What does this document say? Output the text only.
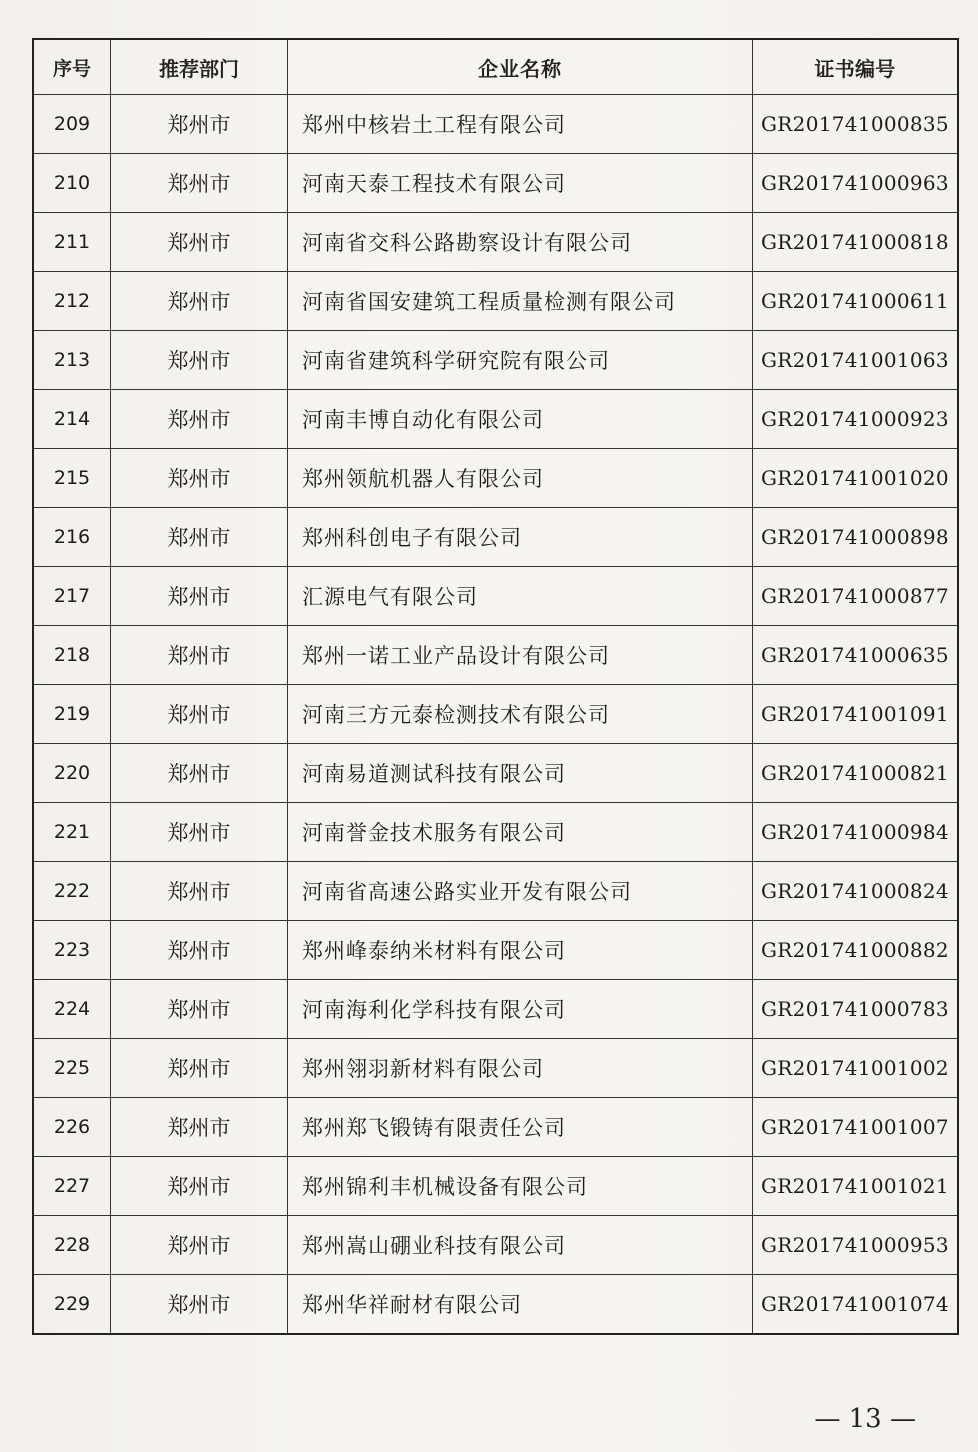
序号	推荐部门	企业名称	证书编号
209	郑州市	郑州中核岩土工程有限公司	GR201741000835
210	郑州市	河南天泰工程技术有限公司	GR201741000963
211	郑州市	河南省交科公路勘察设计有限公司	GR201741000818
212	郑州市	河南省国安建筑工程质量检测有限公司	GR201741000611
213	郑州市	河南省建筑科学研究院有限公司	GR201741001063
214	郑州市	河南丰博自动化有限公司	GR201741000923
215	郑州市	郑州领航机器人有限公司	GR201741001020
216	郑州市	郑州科创电子有限公司	GR201741000898
217	郑州市	汇源电气有限公司	GR201741000877
218	郑州市	郑州一诺工业产品设计有限公司	GR201741000635
219	郑州市	河南三方元泰检测技术有限公司	GR201741001091
220	郑州市	河南易道测试科技有限公司	GR201741000821
221	郑州市	河南誉金技术服务有限公司	GR201741000984
222	郑州市	河南省高速公路实业开发有限公司	GR201741000824
223	郑州市	郑州峰泰纳米材料有限公司	GR201741000882
224	郑州市	河南海利化学科技有限公司	GR201741000783
225	郑州市	郑州翎羽新材料有限公司	GR201741001002
226	郑州市	郑州郑飞锻铸有限责任公司	GR201741001007
227	郑州市	郑州锦利丰机械设备有限公司	GR201741001021
228	郑州市	郑州嵩山硼业科技有限公司	GR201741000953
229	郑州市	郑州华祥耐材有限公司	GR201741001074
— 13 —
